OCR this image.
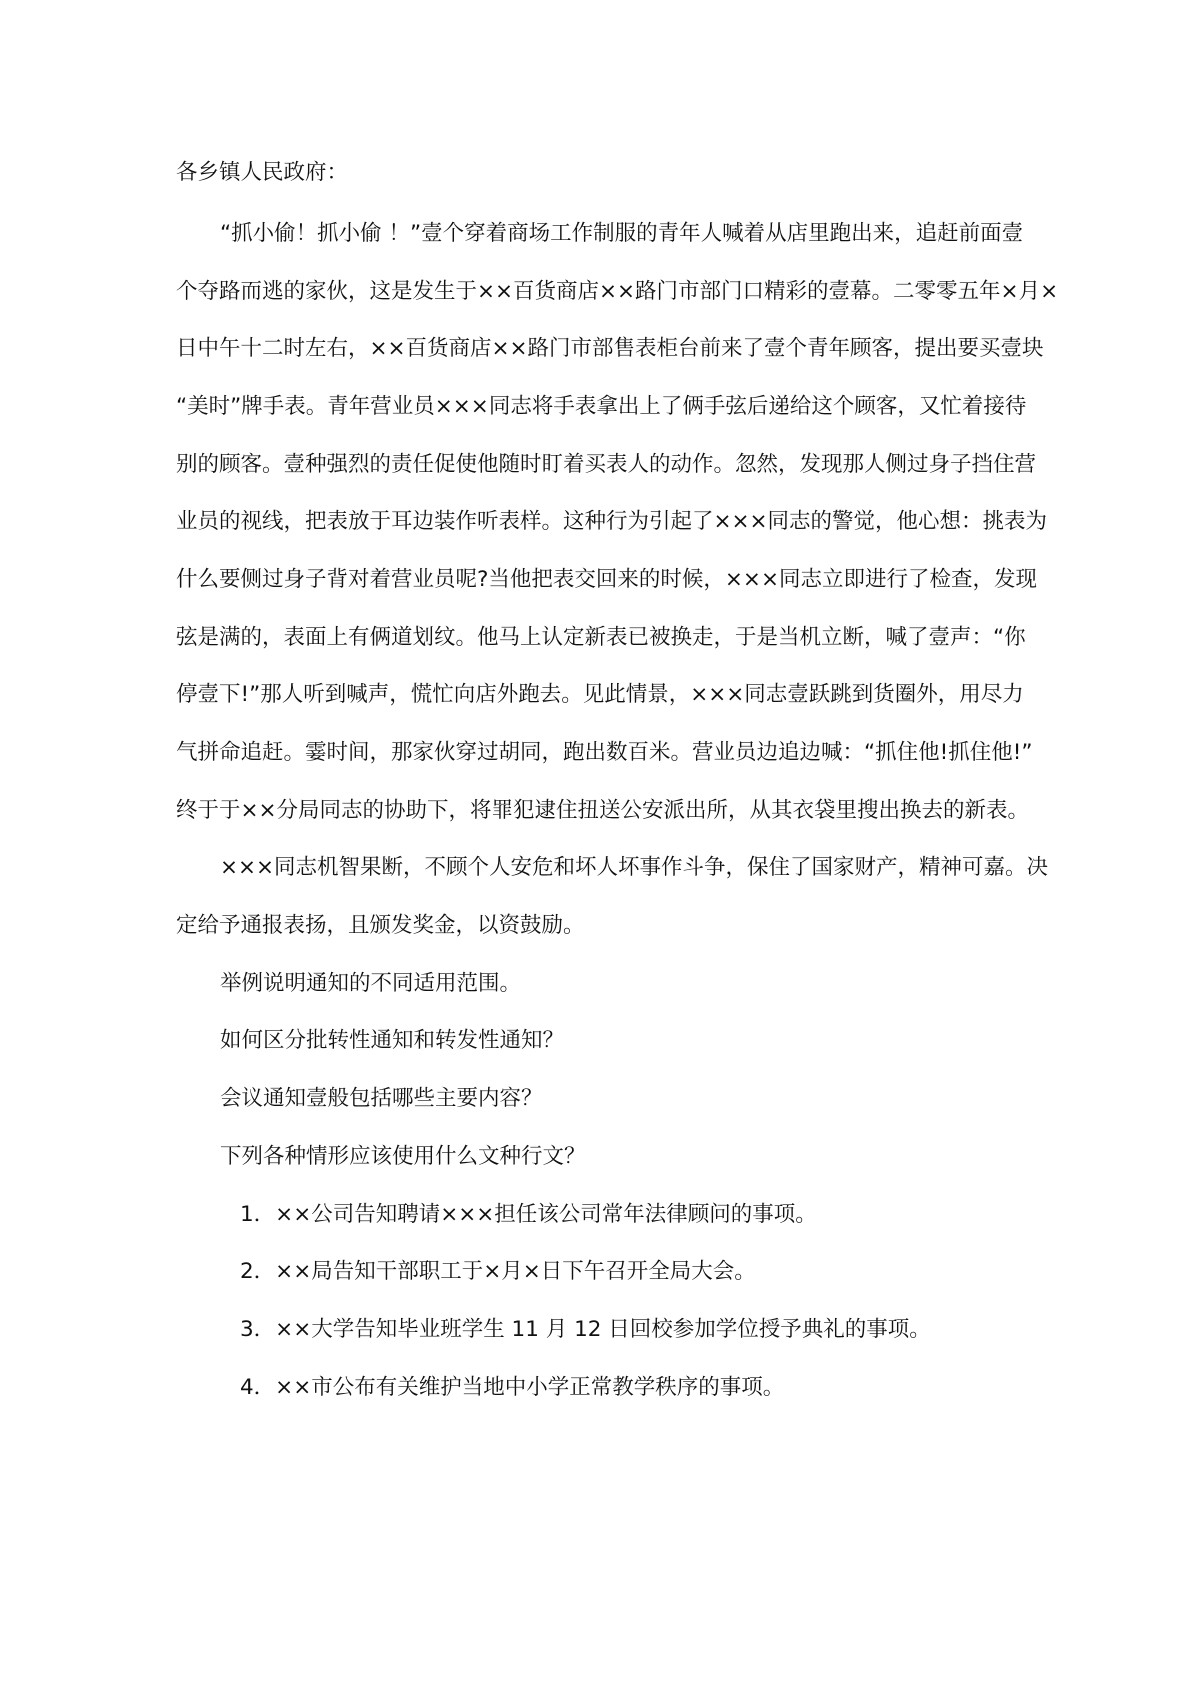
各乡镇人民政府：
“抓小偷！抓小偷 ！”壹个穿着商场工作制服的青年人喊着从店里跑出来，追赶前面壹
个夺路而逃的家伙，这是发生于××百货商店××路门市部门口精彩的壹幕。二零零五年×月×
日中午十二时左右，××百货商店××路门市部售表柜台前来了壹个青年顾客，提出要买壹块
“美时”牌手表。青年营业员×××同志将手表拿出上了俩手弦后递给这个顾客，又忙着接待
别的顾客。壹种强烈的责任促使他随时盯着买表人的动作。忽然，发现那人侧过身子挡住营
业员的视线，把表放于耳边装作听表样。这种行为引起了×××同志的警觉，他心想：挑表为
什么要侧过身子背对着营业员呢?当他把表交回来的时候，×××同志立即进行了检查，发现
弦是满的，表面上有俩道划纹。他马上认定新表已被换走，于是当机立断，喊了壹声：“你
停壹下!”那人听到喊声，慌忙向店外跑去。见此情景，×××同志壹跃跳到货圈外，用尽力
气拼命追赶。霎时间，那家伙穿过胡同，跑出数百米。营业员边追边喊：“抓住他!抓住他!”
终于于××分局同志的协助下，将罪犯逮住扭送公安派出所，从其衣袋里搜出换去的新表。
×××同志机智果断，不顾个人安危和坏人坏事作斗争，保住了国家财产，精神可嘉。决
定给予通报表扬，且颁发奖金，以资鼓励。
举例说明通知的不同适用范围。
如何区分批转性通知和转发性通知？
会议通知壹般包括哪些主要内容？
下列各种情形应该使用什么文种行文？
1．××公司告知聘请×××担任该公司常年法律顾问的事项。
2．××局告知干部职工于×月×日下午召开全局大会。
3．××大学告知毕业班学生 11 月 12 日回校参加学位授予典礼的事项。
4．××市公布有关维护当地中小学正常教学秩序的事项。
